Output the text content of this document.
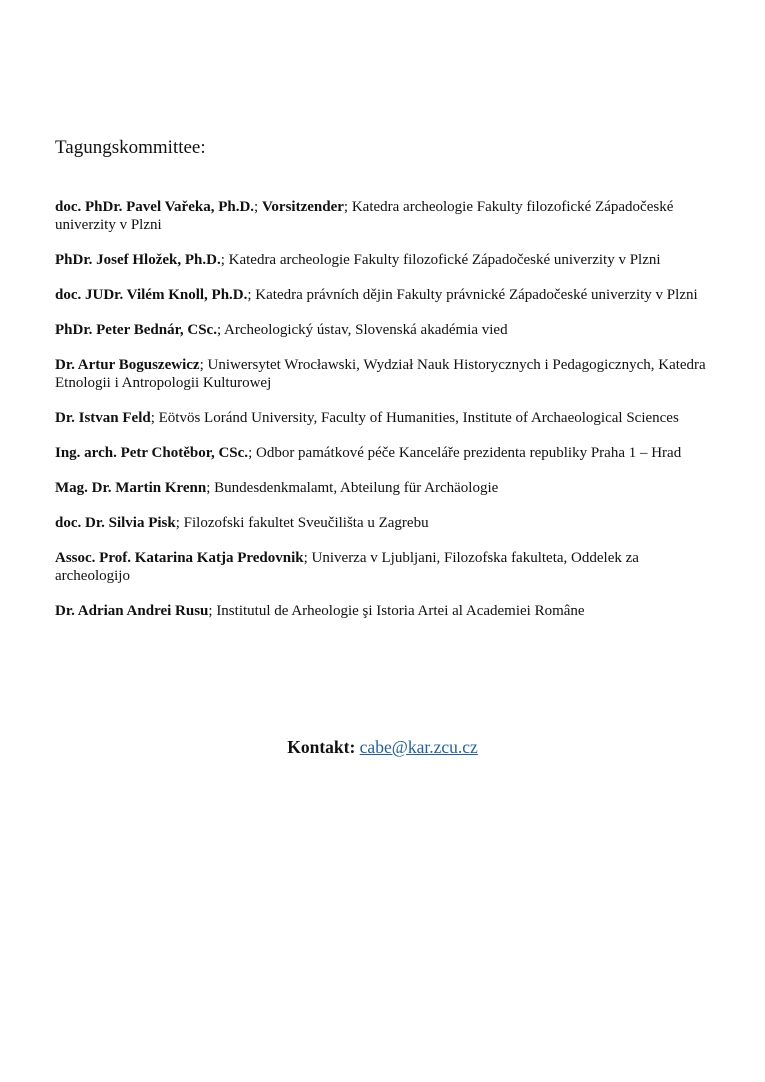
Tagungskommittee:
doc. PhDr. Pavel Vařeka, Ph.D.; Vorsitzender; Katedra archeologie Fakulty filozofické Západočeské univerzity v Plzni
PhDr. Josef Hložek, Ph.D.; Katedra archeologie Fakulty filozofické Západočeské univerzity v Plzni
doc. JUDr. Vilém Knoll, Ph.D.; Katedra právních dějin Fakulty právnické Západočeské univerzity v Plzni
PhDr. Peter Bednár, CSc.; Archeologický ústav, Slovenská akadémia vied
Dr. Artur Boguszewicz; Uniwersytet Wrocławski, Wydział Nauk Historycznych i Pedagogicznych, Katedra Etnologii i Antropologii Kulturowej
Dr. Istvan Feld; Eötvös Loránd University, Faculty of Humanities, Institute of Archaeological Sciences
Ing. arch. Petr Chotěbor, CSc.; Odbor památkové péče Kanceláře prezidenta republiky Praha 1 – Hrad
Mag. Dr. Martin Krenn; Bundesdenkmalamt, Abteilung für Archäologie
doc. Dr. Silvia Pisk; Filozofski fakultet Sveučilišta u Zagrebu
Assoc. Prof. Katarina Katja Predovnik; Univerza v Ljubljani, Filozofska fakulteta, Oddelek za archeologijo
Dr. Adrian Andrei Rusu; Institutul de Arheologie şi Istoria Artei al Academiei Române
Kontakt: cabe@kar.zcu.cz
